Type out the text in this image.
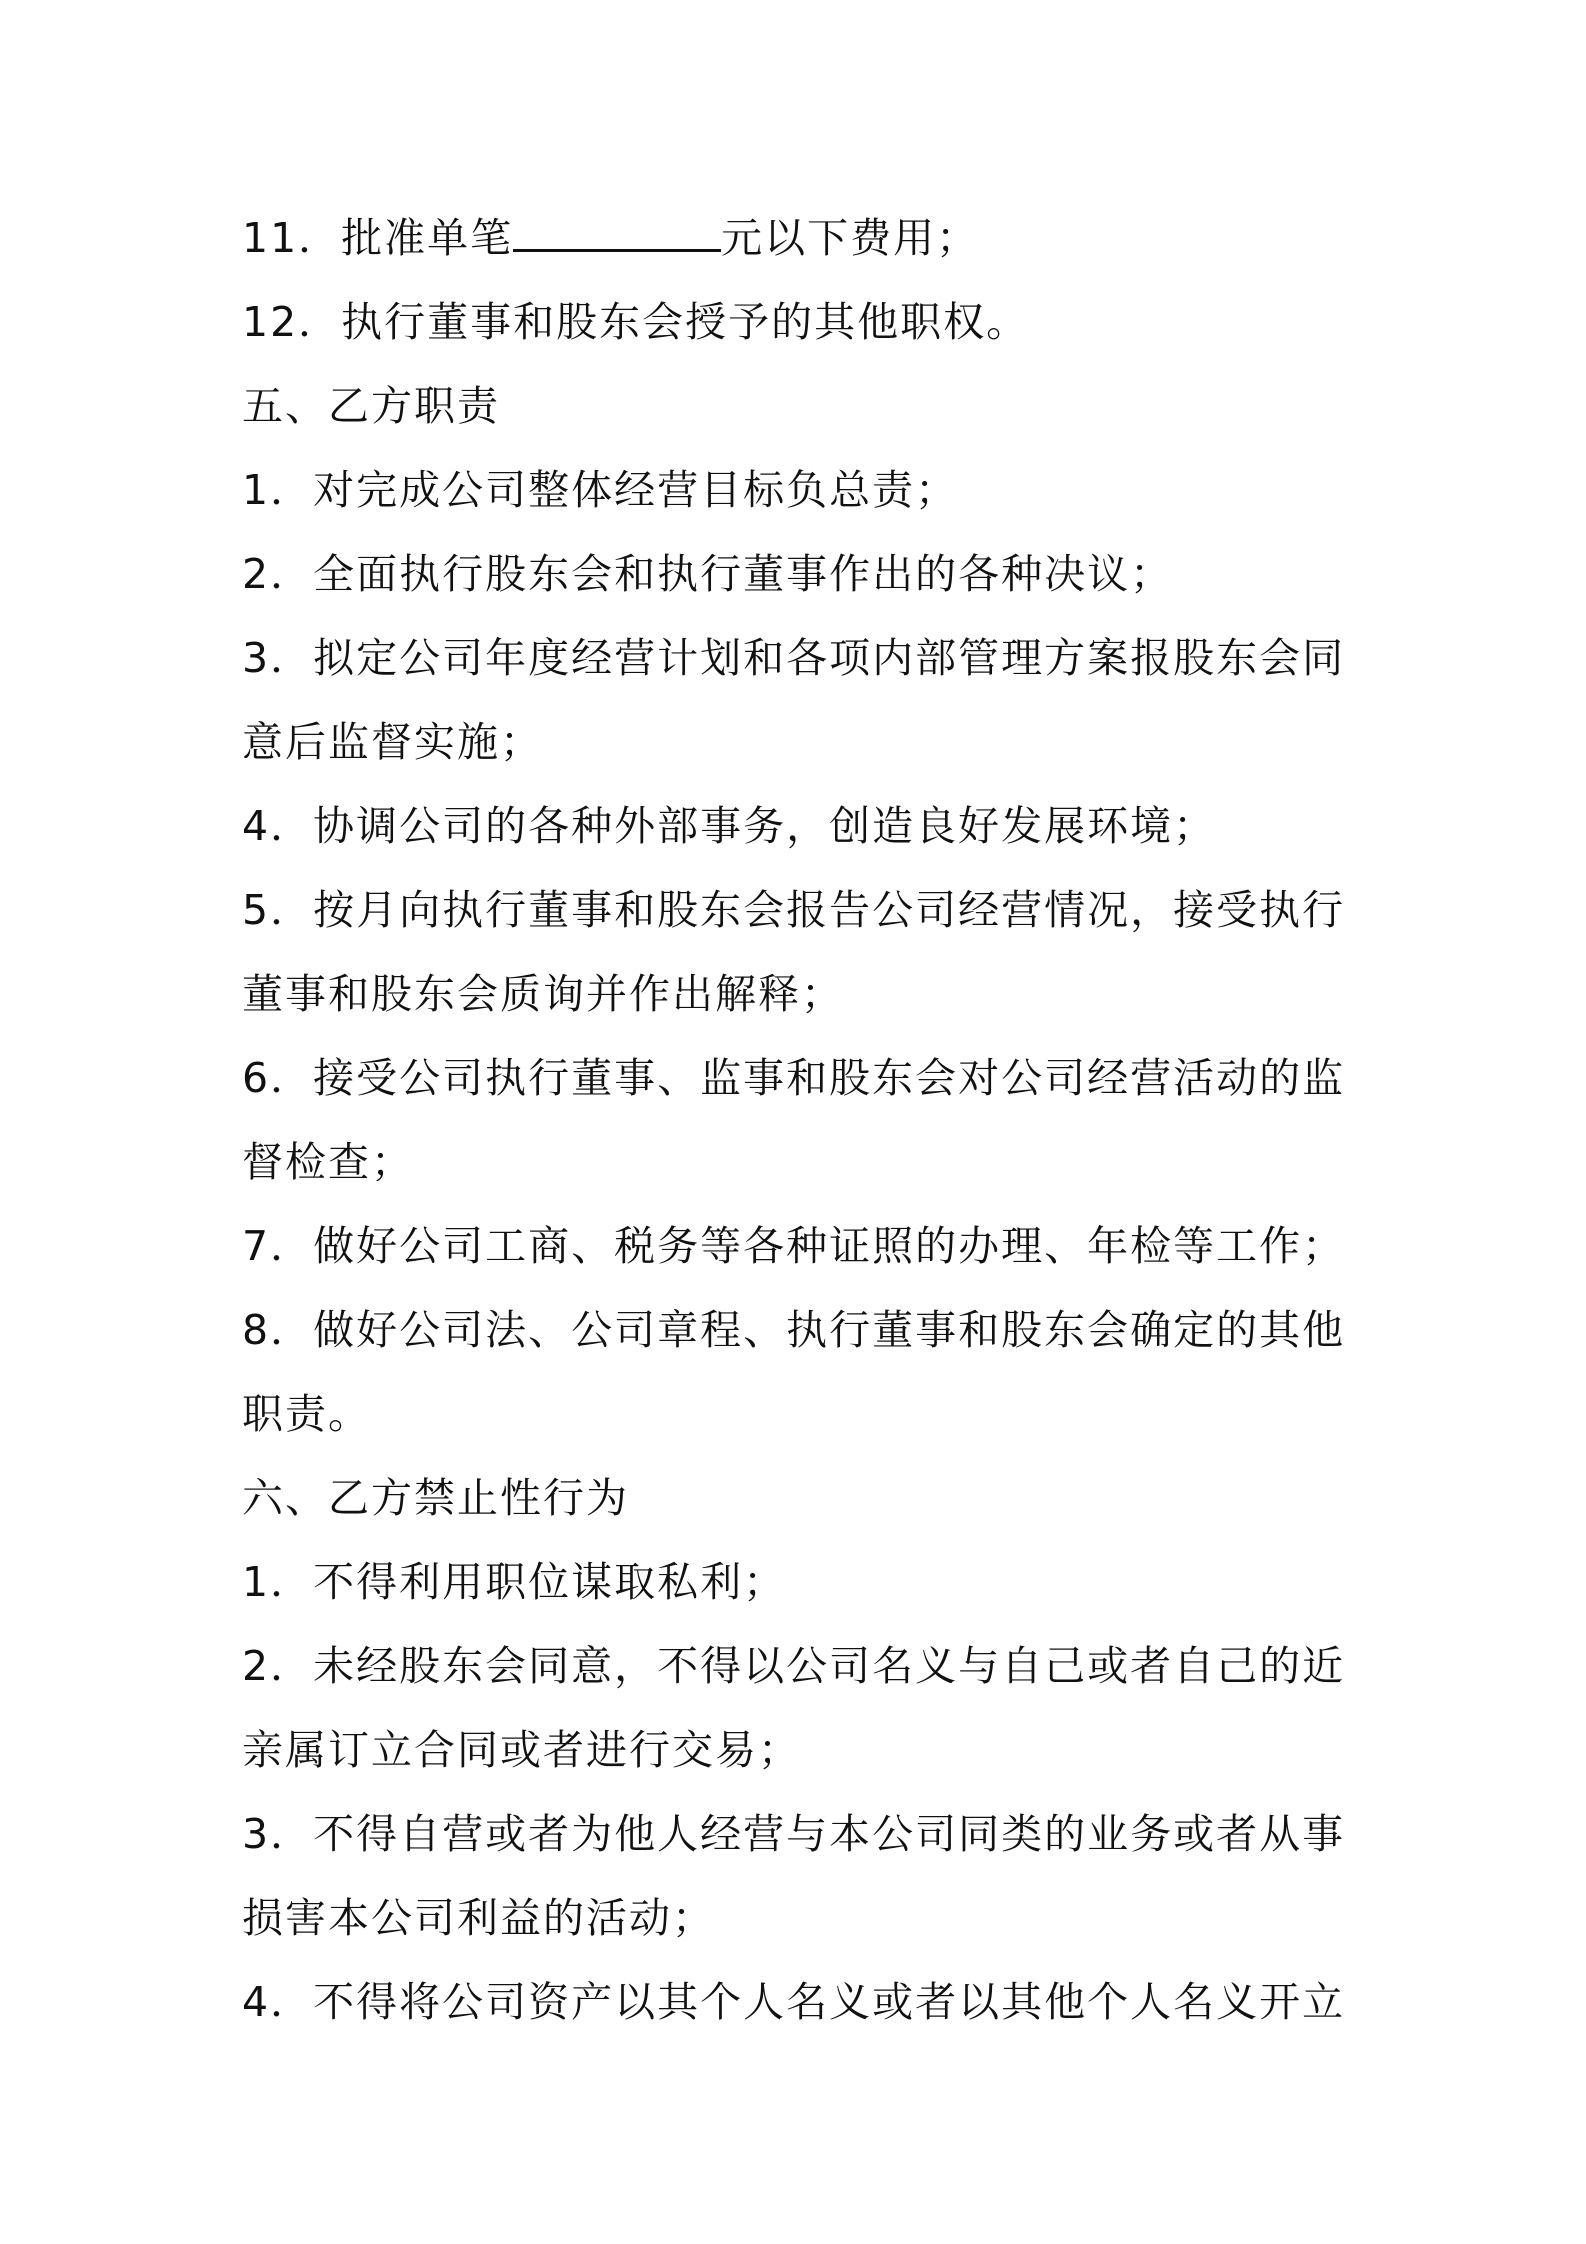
11．批准单笔	元以下费用；
12．执行董事和股东会授予的其他职权。
五、乙方职责
1．对完成公司整体经营目标负总责；
2．全面执行股东会和执行董事作出的各种决议；
3．拟定公司年度经营计划和各项内部管理方案报股东会同
意后监督实施；
4．协调公司的各种外部事务，创造良好发展环境；
5．按月向执行董事和股东会报告公司经营情况，接受执行
董事和股东会质询并作出解释；
6．接受公司执行董事、监事和股东会对公司经营活动的监
督检查；
7．做好公司工商、税务等各种证照的办理、年检等工作；
8．做好公司法、公司章程、执行董事和股东会确定的其他
职责。
六、乙方禁止性行为
1．不得利用职位谋取私利；
2．未经股东会同意，不得以公司名义与自己或者自己的近
亲属订立合同或者进行交易；
3．不得自营或者为他人经营与本公司同类的业务或者从事
损害本公司利益的活动；
4．不得将公司资产以其个人名义或者以其他个人名义开立
